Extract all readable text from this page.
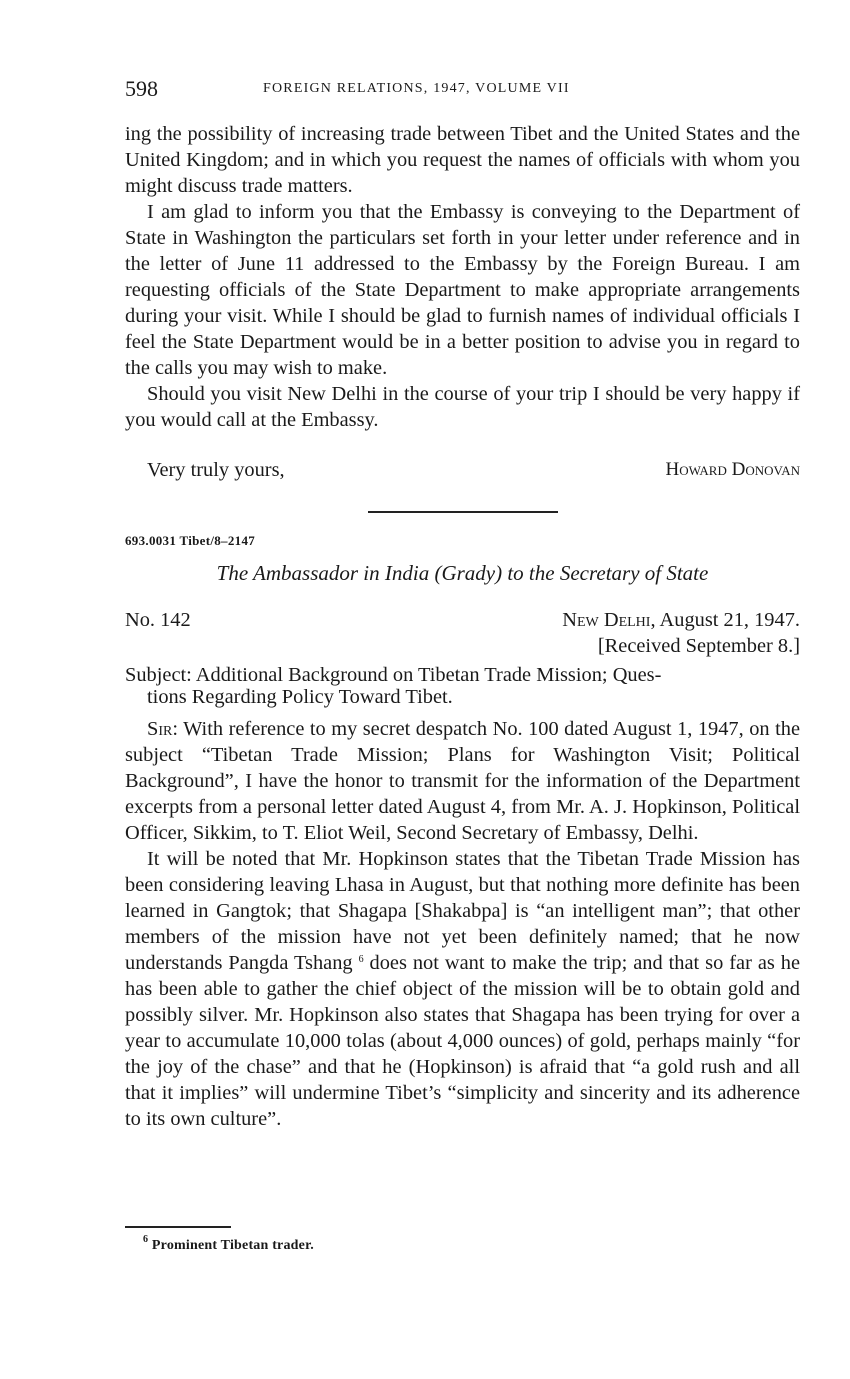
598	FOREIGN RELATIONS, 1947, VOLUME VII

ing the possibility of increasing trade between Tibet and the United States and the United Kingdom; and in which you request the names of officials with whom you might discuss trade matters.

I am glad to inform you that the Embassy is conveying to the Department of State in Washington the particulars set forth in your letter under reference and in the letter of June 11 addressed to the Embassy by the Foreign Bureau. I am requesting officials of the State Department to make appropriate arrangements during your visit. While I should be glad to furnish names of individual officials I feel the State Department would be in a better position to advise you in regard to the calls you may wish to make.

Should you visit New Delhi in the course of your trip I should be very happy if you would call at the Embassy.

Very truly yours,	Howard Donovan
693.0031 Tibet/8–2147
The Ambassador in India (Grady) to the Secretary of State
No. 142	New Delhi, August 21, 1947.
[Received September 8.]
Subject: Additional Background on Tibetan Trade Mission; Ques-
tions Regarding Policy Toward Tibet.

Sir: With reference to my secret despatch No. 100 dated August 1, 1947, on the subject “Tibetan Trade Mission; Plans for Washington Visit; Political Background”, I have the honor to transmit for the information of the Department excerpts from a personal letter dated August 4, from Mr. A. J. Hopkinson, Political Officer, Sikkim, to T. Eliot Weil, Second Secretary of Embassy, Delhi.

It will be noted that Mr. Hopkinson states that the Tibetan Trade Mission has been considering leaving Lhasa in August, but that nothing more definite has been learned in Gangtok; that Shagapa [Shakabpa] is “an intelligent man”; that other members of the mission have not yet been definitely named; that he now understands Pangda Tshang $^6$ does not want to make the trip; and that so far as he has been able to gather the chief object of the mission will be to obtain gold and possibly silver. Mr. Hopkinson also states that Shagapa has been trying for over a year to accumulate 10,000 tolas (about 4,000 ounces) of gold, perhaps mainly “for the joy of the chase” and that he (Hopkinson) is afraid that “a gold rush and all that it implies” will undermine Tibet’s “simplicity and sincerity and its adherence to its own culture”.

$^6$ Prominent Tibetan trader.
